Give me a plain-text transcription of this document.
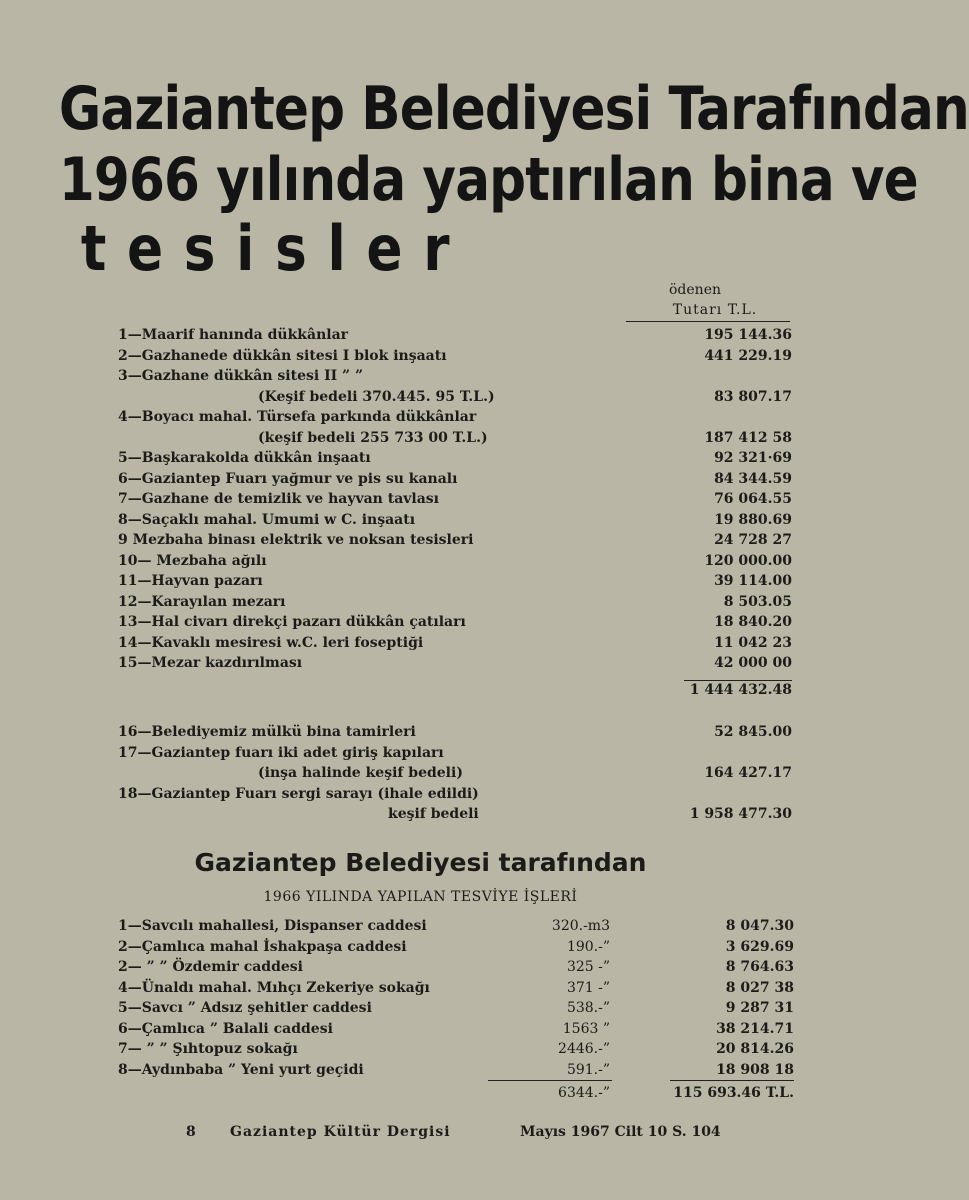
Gaziantep Belediyesi Tarafından
1966 yılında yaptırılan bina ve
tesisler
ödenen
Tutarı T.L.
1—Maarif hanında dükkânlar	195 144.36
2—Gazhanede dükkân sitesi I blok inşaatı	441 229.19
3—Gazhane dükkân sitesi II ” ”
(Keşif bedeli 370.445. 95 T.L.)	83 807.17
4—Boyacı mahal. Türsefa parkında dükkânlar
(keşif bedeli 255 733 00 T.L.)	187 412 58
5—Başkarakolda dükkân inşaatı	92 321·69
6—Gaziantep Fuarı yağmur ve pis su kanalı	84 344.59
7—Gazhane de temizlik ve hayvan tavlası	76 064.55
8—Saçaklı mahal. Umumi w C. inşaatı	19 880.69
9 Mezbaha binası elektrik ve noksan tesisleri	24 728 27
10— Mezbaha ağılı	120 000.00
11—Hayvan pazarı	39 114.00
12—Karayılan mezarı	8 503.05
13—Hal civarı direkçi pazarı dükkân çatıları	18 840.20
14—Kavaklı mesiresi w.C. leri foseptiği	11 042 23
15—Mezar kazdırılması	42 000 00
1 444 432.48
16—Belediyemiz mülkü bina tamirleri	52 845.00
17—Gaziantep fuarı iki adet giriş kapıları
(inşa halinde keşif bedeli)	164 427.17
18—Gaziantep Fuarı sergi sarayı (ihale edildi)
keşif bedeli	1 958 477.30
Gaziantep Belediyesi tarafından
1966 YILINDA YAPILAN TESVİYE İŞLERİ
1—Savcılı mahallesi, Dispanser caddesi	320.-m3	8 047.30
2—Çamlıca mahal İshakpaşa caddesi	190.-”	3 629.69
2— ” ” Özdemir caddesi	325 -”	8 764.63
4—Ünaldı mahal. Mıhçı Zekeriye sokağı	371 -”	8 027 38
5—Savcı ” Adsız şehitler caddesi	538.-”	9 287 31
6—Çamlıca ” Balali caddesi	1563 ”	38 214.71
7— ” ” Şıhtopuz sokağı	2446.-”	20 814.26
8—Aydınbaba ” Yeni yurt geçidi	591.-”	18 908 18
6344.-”	115 693.46 T.L.
8 Gaziantep Kültür Dergisi	Mayıs 1967 Cilt 10 S. 104
